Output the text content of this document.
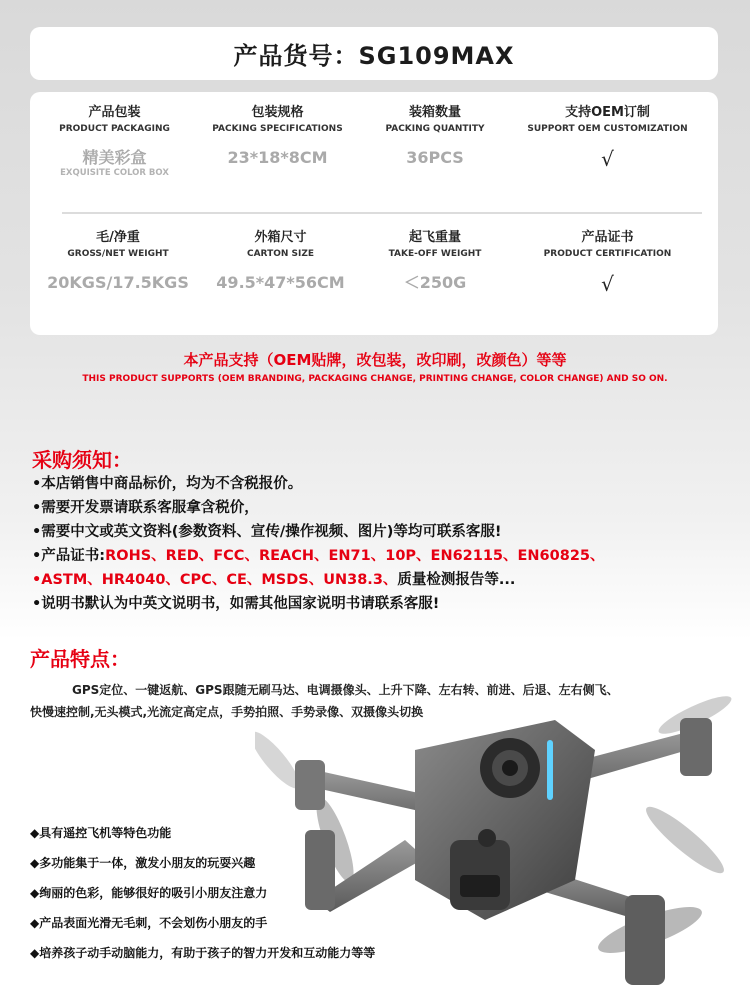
产品货号：SG109MAX
产品包装
PRODUCT PACKAGING
精美彩盒
EXQUISITE COLOR BOX
包装规格
PACKING SPECIFICATIONS
23*18*8CM
装箱数量
PACKING QUANTITY
36PCS
支持OEM订制
SUPPORT OEM CUSTOMIZATION
√
毛/净重
GROSS/NET WEIGHT
20KGS/17.5KGS
外箱尺寸
CARTON SIZE
49.5*47*56CM
起飞重量
TAKE-OFF WEIGHT
＜250G
产品证书
PRODUCT CERTIFICATION
√
本产品支持（OEM贴牌，改包装，改印刷，改颜色）等等
THIS PRODUCT SUPPORTS (OEM BRANDING, PACKAGING CHANGE, PRINTING CHANGE, COLOR CHANGE) AND SO ON.
采购须知：
•本店销售中商品标价，均为不含税报价。
•需要开发票请联系客服拿含税价，
•需要中文或英文资料(参数资料、宣传/操作视频、图片)等均可联系客服!
•产品证书:ROHS、RED、FCC、REACH、EN71、10P、EN62115、EN60825、
•ASTM、HR4040、CPC、CE、MSDS、UN38.3、质量检测报告等...
•说明书默认为中英文说明书，如需其他国家说明书请联系客服!
产品特点：
GPS定位、一键返航、GPS跟随无刷马达、电调摄像头、上升下降、左右转、前进、后退、左右侧飞、
快慢速控制,无头模式,光流定高定点，手势拍照、手势录像、双摄像头切换
◆具有遥控飞机等特色功能
◆多功能集于一体，激发小朋友的玩耍兴趣
◆绚丽的色彩，能够很好的吸引小朋友注意力
◆产品表面光滑无毛刺，不会划伤小朋友的手
◆培养孩子动手动脑能力，有助于孩子的智力开发和互动能力等等
